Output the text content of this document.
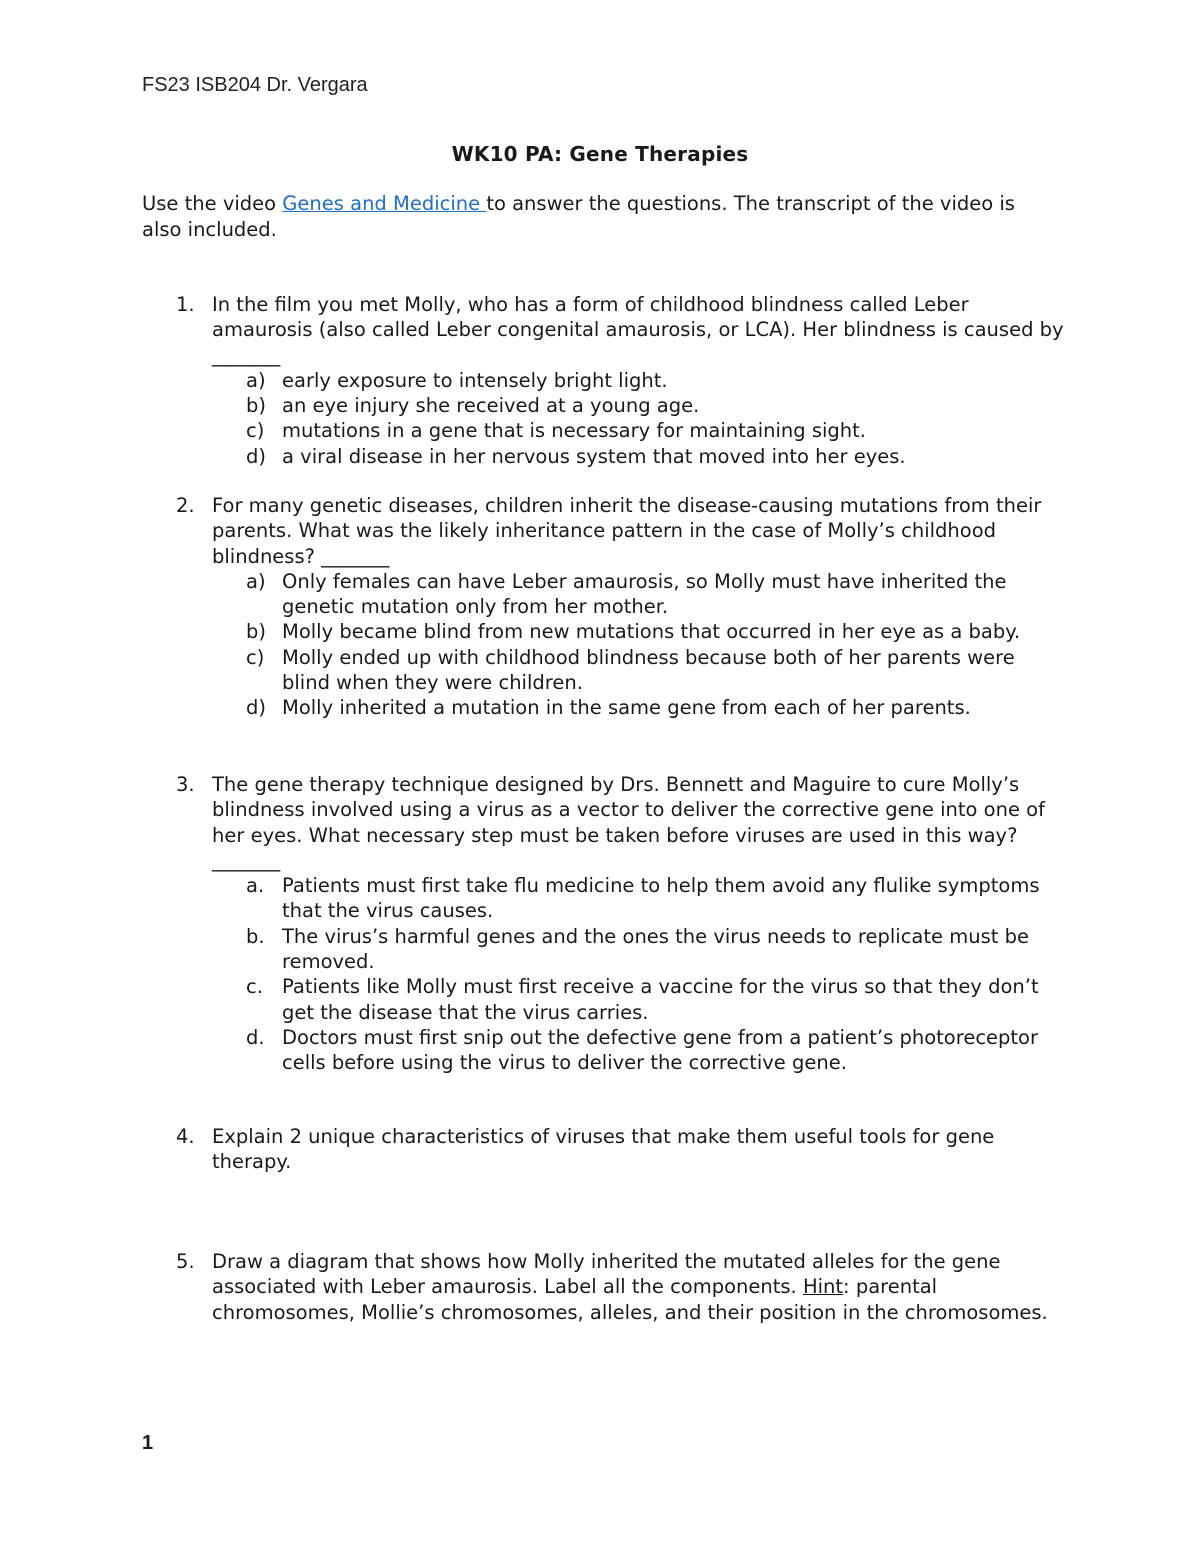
FS23 ISB204 Dr. Vergara
WK10 PA: Gene Therapies
Use the video Genes and Medicine to answer the questions. The transcript of the video is also included.
1. In the film you met Molly, who has a form of childhood blindness called Leber amaurosis (also called Leber congenital amaurosis, or LCA). Her blindness is caused by _______
a) early exposure to intensely bright light.
b) an eye injury she received at a young age.
c) mutations in a gene that is necessary for maintaining sight.
d) a viral disease in her nervous system that moved into her eyes.
2. For many genetic diseases, children inherit the disease-causing mutations from their parents. What was the likely inheritance pattern in the case of Molly’s childhood blindness? _______
a) Only females can have Leber amaurosis, so Molly must have inherited the genetic mutation only from her mother.
b) Molly became blind from new mutations that occurred in her eye as a baby.
c) Molly ended up with childhood blindness because both of her parents were blind when they were children.
d) Molly inherited a mutation in the same gene from each of her parents.
3. The gene therapy technique designed by Drs. Bennett and Maguire to cure Molly’s blindness involved using a virus as a vector to deliver the corrective gene into one of her eyes. What necessary step must be taken before viruses are used in this way? _______
a. Patients must first take flu medicine to help them avoid any flulike symptoms that the virus causes.
b. The virus’s harmful genes and the ones the virus needs to replicate must be removed.
c. Patients like Molly must first receive a vaccine for the virus so that they don’t get the disease that the virus carries.
d. Doctors must first snip out the defective gene from a patient’s photoreceptor cells before using the virus to deliver the corrective gene.
4. Explain 2 unique characteristics of viruses that make them useful tools for gene therapy.
5. Draw a diagram that shows how Molly inherited the mutated alleles for the gene associated with Leber amaurosis. Label all the components. Hint: parental chromosomes, Mollie’s chromosomes, alleles, and their position in the chromosomes.
1
